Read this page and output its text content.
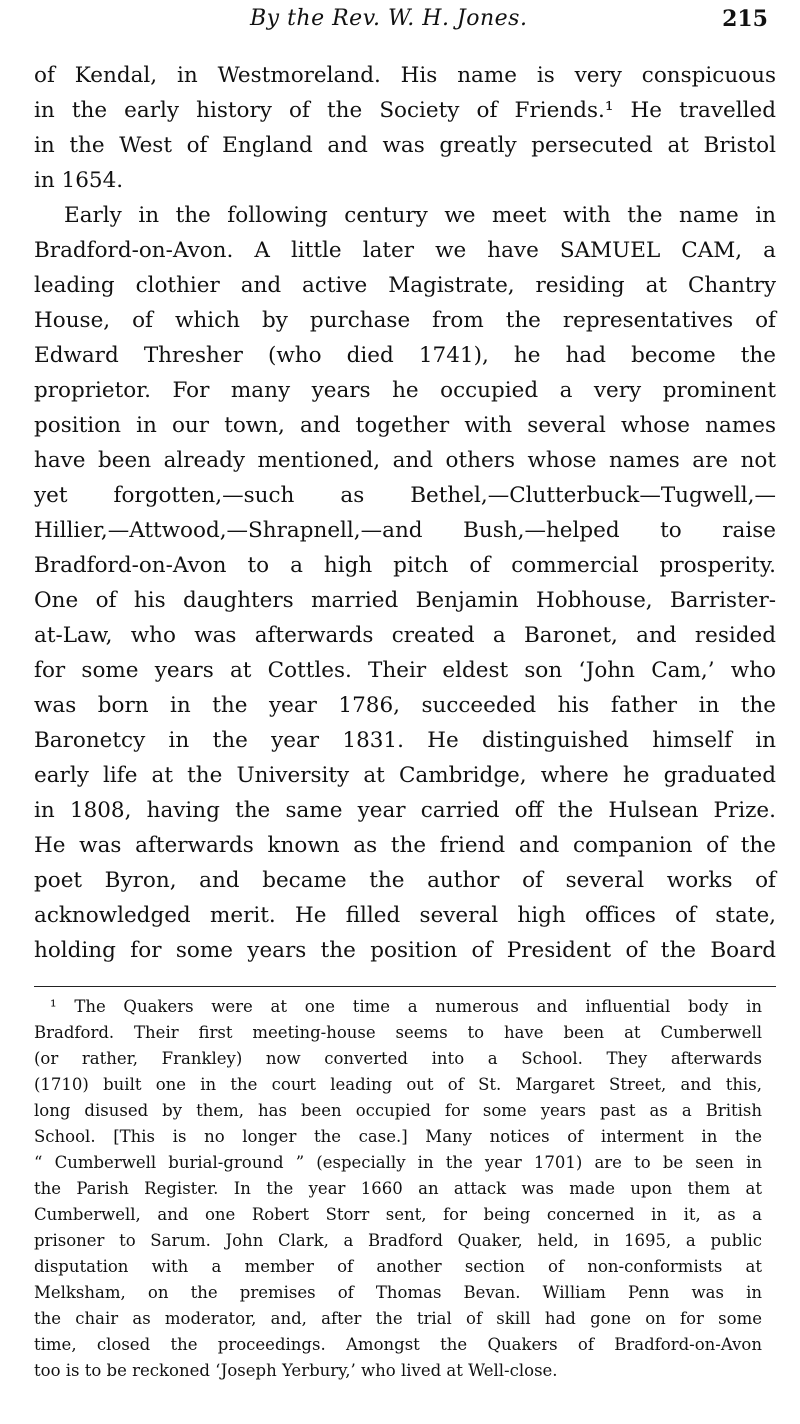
By the Rev. W. H. Jones.	215
of Kendal, in Westmoreland. His name is very conspicuous
in the early history of the Society of Friends.¹ He travelled
in the West of England and was greatly persecuted at Bristol
in 1654.
Early in the following century we meet with the name in
Bradford-on-Avon. A little later we have SAMUEL CAM, a
leading clothier and active Magistrate, residing at Chantry
House, of which by purchase from the representatives of
Edward Thresher (who died 1741), he had become the
proprietor. For many years he occupied a very prominent
position in our town, and together with several whose names
have been already mentioned, and others whose names are not
yet forgotten,—such as Bethel,—Clutterbuck—Tugwell,—
Hillier,—Attwood,—Shrapnell,—and Bush,—helped to raise
Bradford-on-Avon to a high pitch of commercial prosperity.
One of his daughters married Benjamin Hobhouse, Barrister-
at-Law, who was afterwards created a Baronet, and resided
for some years at Cottles. Their eldest son ‘John Cam,’ who
was born in the year 1786, succeeded his father in the
Baronetcy in the year 1831. He distinguished himself in
early life at the University at Cambridge, where he graduated
in 1808, having the same year carried off the Hulsean Prize.
He was afterwards known as the friend and companion of the
poet Byron, and became the author of several works of
acknowledged merit. He filled several high offices of state,
holding for some years the position of President of the Board
¹ The Quakers were at one time a numerous and influential body in
Bradford. Their first meeting-house seems to have been at Cumberwell
(or rather, Frankley) now converted into a School. They afterwards
(1710) built one in the court leading out of St. Margaret Street, and this,
long disused by them, has been occupied for some years past as a British
School. [This is no longer the case.] Many notices of interment in the
“ Cumberwell burial-ground ” (especially in the year 1701) are to be seen in
the Parish Register. In the year 1660 an attack was made upon them at
Cumberwell, and one Robert Storr sent, for being concerned in it, as a
prisoner to Sarum. John Clark, a Bradford Quaker, held, in 1695, a public
disputation with a member of another section of non-conformists at
Melksham, on the premises of Thomas Bevan. William Penn was in
the chair as moderator, and, after the trial of skill had gone on for some
time, closed the proceedings. Amongst the Quakers of Bradford-on-Avon
too is to be reckoned ‘Joseph Yerbury,’ who lived at Well-close.
